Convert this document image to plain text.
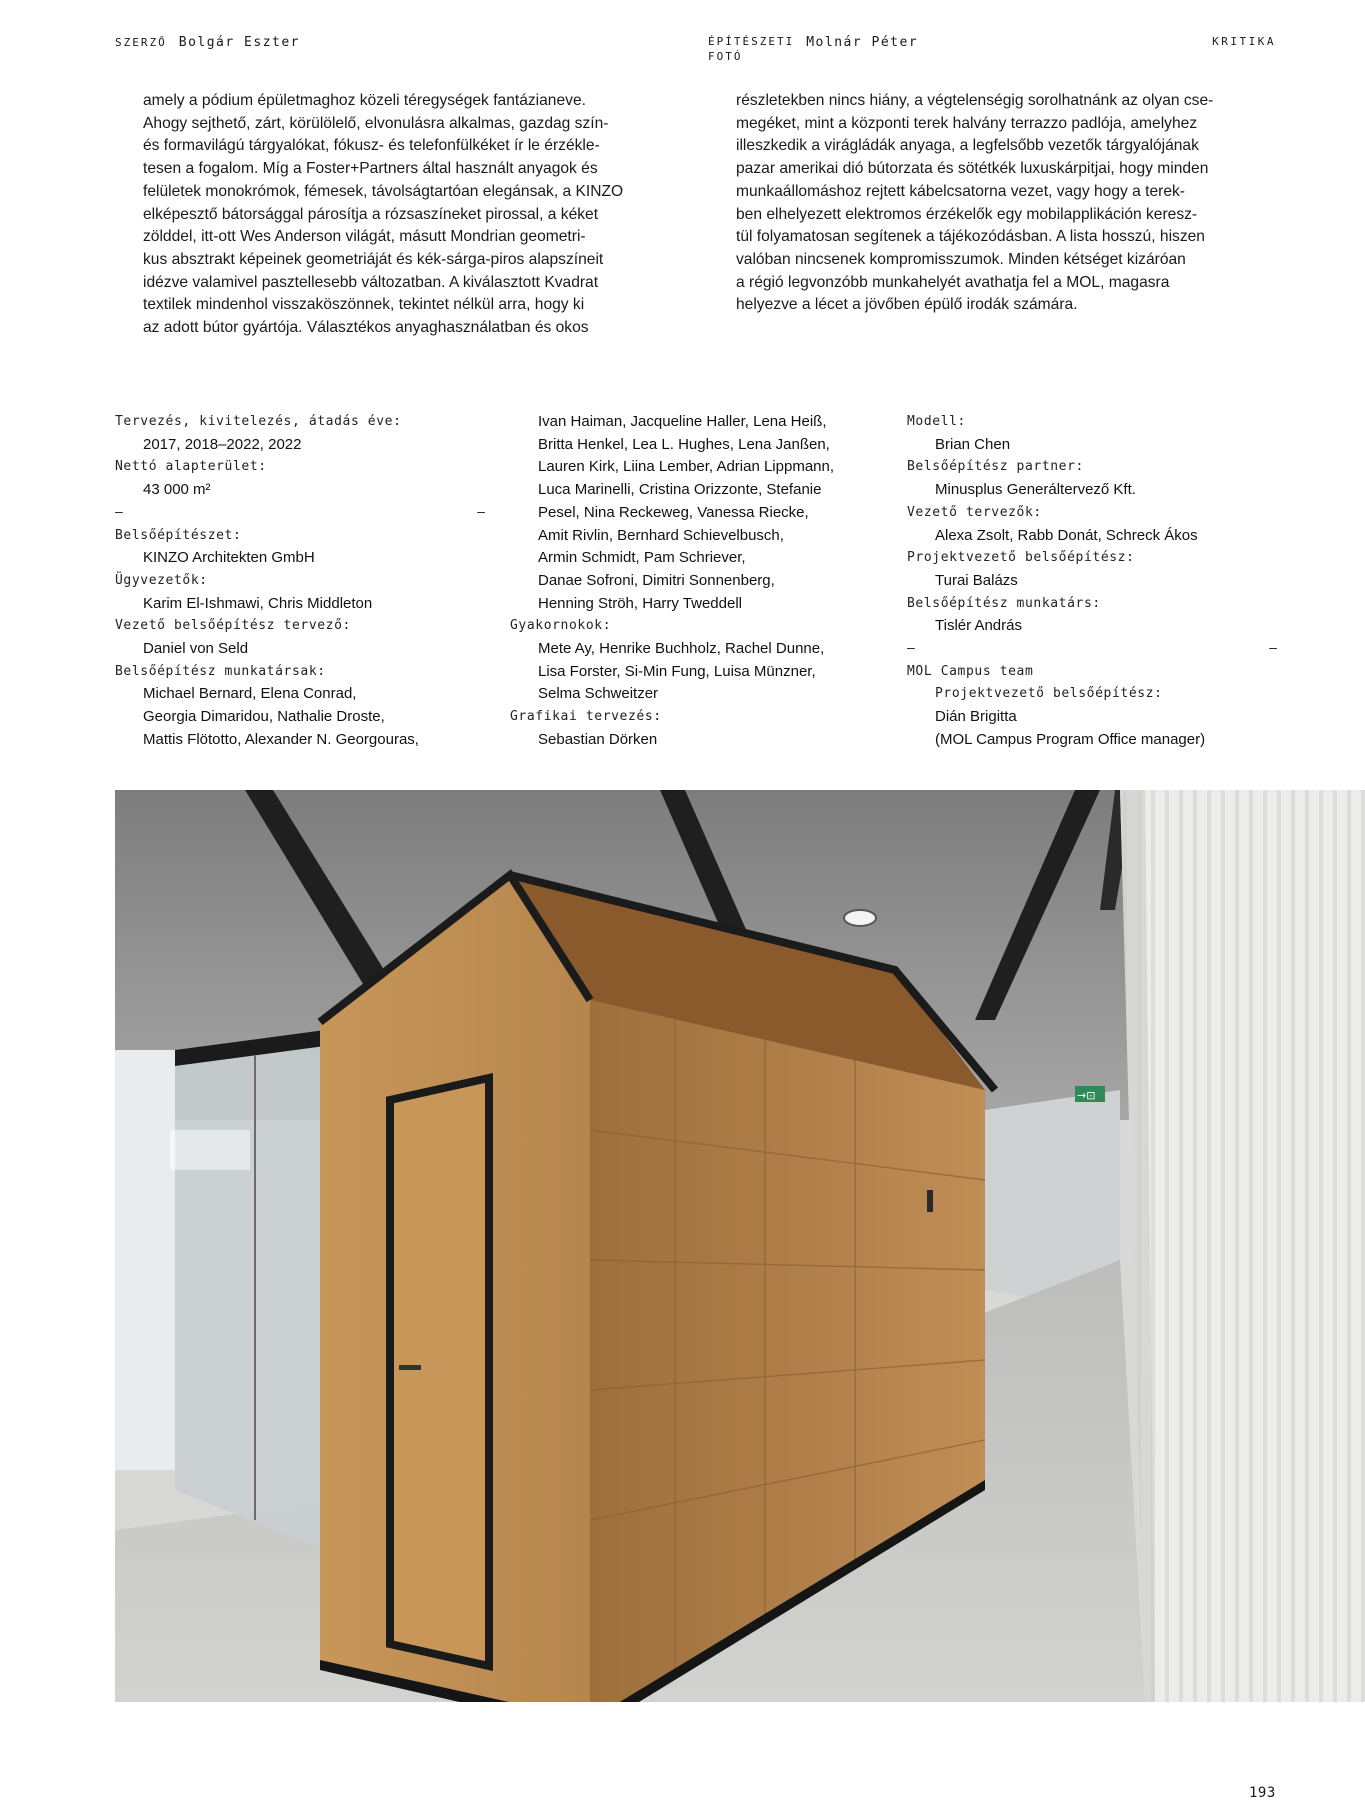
SZERZŐ Bolgár Eszter	ÉPÍTÉSZETI
FOTÓMolnár Péter	KRITIKA

amely a pódium épületmaghoz közeli téregységek fantázianeve.

Ahogy sejthető, zárt, körülölelő, elvonulásra alkalmas, gazdag szín-

és formavilágú tárgyalókat, fókusz- és telefonfülkéket ír le érzékle-

tesen a fogalom. Míg a Foster+Partners által használt anyagok és

felületek monokrómok, fémesek, távolságtartóan elegánsak, a KINZO

elképesztő bátorsággal párosítja a rózsaszíneket pirossal, a kéket

zölddel, itt-ott Wes Anderson világát, másutt Mondrian geometri-

kus absztrakt képeinek geometriáját és kék-sárga-piros alapszíneit

idézve valamivel pasztellesebb változatban. A kiválasztott Kvadrat

textilek mindenhol visszaköszönnek, tekintet nélkül arra, hogy ki

az adott bútor gyártója. Választékos anyaghasználatban és okos

részletekben nincs hiány, a végtelenségig sorolhatnánk az olyan cse-

megéket, mint a központi terek halvány terrazzo padlója, amelyhez

illeszkedik a virágládák anyaga, a legfelsőbb vezetők tárgyalójának

pazar amerikai dió bútorzata és sötétkék luxuskárpitjai, hogy minden

munkaállomáshoz rejtett kábelcsatorna vezet, vagy hogy a terek-

ben elhelyezett elektromos érzékelők egy mobilapplikáción keresz-

tül folyamatosan segítenek a tájékozódásban. A lista hosszú, hiszen

valóban nincsenek kompromisszumok. Minden kétséget kizáróan

a régió legvonzóbb munkahelyét avathatja fel a MOL, magasra

helyezve a lécet a jövőben épülő irodák számára.

Tervezés, kivitelezés, átadás éve:
2017, 2018–2022, 2022
Nettó alapterület:
43 000 m²
–	–
Belsőépítészet:
KINZO Architekten GmbH
Ügyvezetők:
Karim El-Ishmawi, Chris Middleton
Vezető belsőépítész tervező:
Daniel von Seld
Belsőépítész munkatársak:
Michael Bernard, Elena Conrad,
Georgia Dimaridou, Nathalie Droste,
Mattis Flötotto, Alexander N. Georgouras,
Ivan Haiman, Jacqueline Haller, Lena Heiß,
Britta Henkel, Lea L. Hughes, Lena Janßen,
Lauren Kirk, Liina Lember, Adrian Lippmann,
Luca Marinelli, Cristina Orizzonte, Stefanie
Pesel, Nina Reckeweg, Vanessa Riecke,
Amit Rivlin, Bernhard Schievelbusch,
Armin Schmidt, Pam Schriever,
Danae Sofroni, Dimitri Sonnenberg,
Henning Ströh, Harry Tweddell
Gyakornokok:
Mete Ay, Henrike Buchholz, Rachel Dunne,
Lisa Forster, Si-Min Fung, Luisa Münzner,
Selma Schweitzer
Grafikai tervezés:
Sebastian Dörken
Modell:
Brian Chen
Belsőépítész partner:
Minusplus Generáltervező Kft.
Vezető tervezők:
Alexa Zsolt, Rabb Donát, Schreck Ákos
Projektvezető belsőépítész:
Turai Balázs
Belsőépítész munkatárs:
Tislér András
–	–
MOL Campus team
Projektvezető belsőépítész:
Dián Brigitta
(MOL Campus Program Office manager)
→⊡
193
